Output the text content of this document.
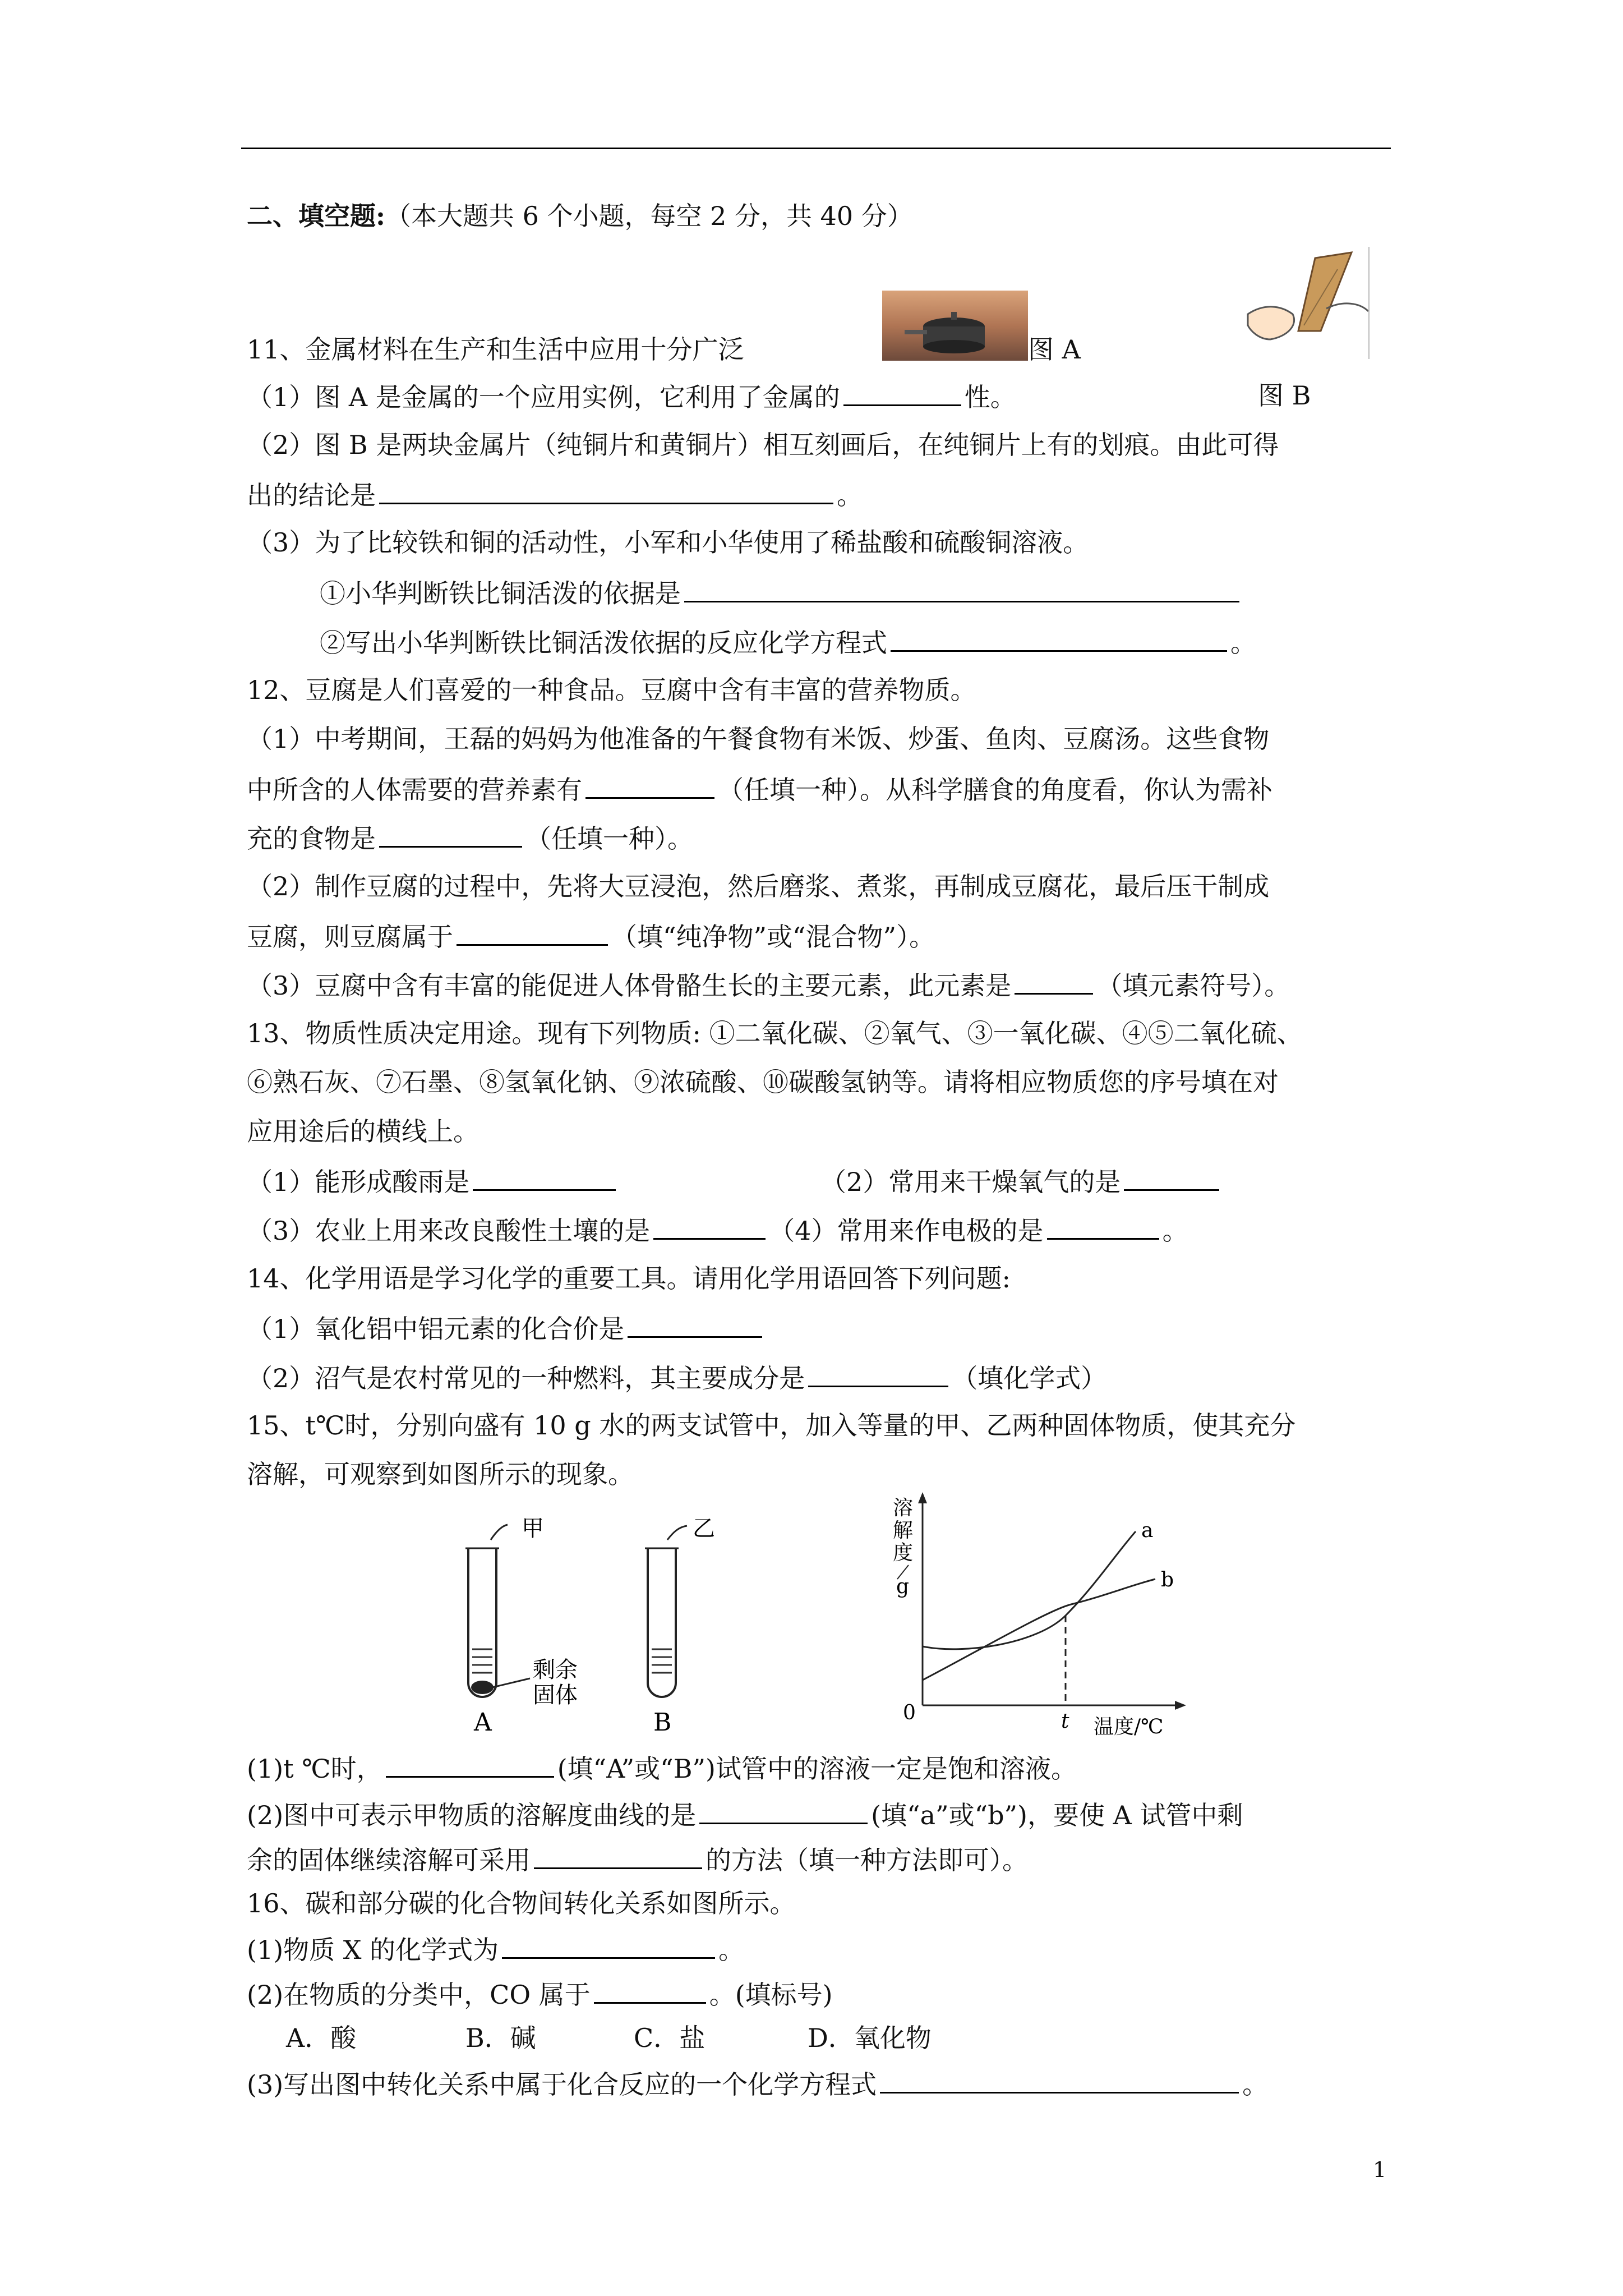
二、填空题:（本大题共 6 个小题，每空 2 分，共 40 分）
11、金属材料在生产和生活中应用十分广泛	图 A
（1）图 A 是金属的一个应用实例，它利用了金属的	性。	图 B
（2）图 B 是两块金属片（纯铜片和黄铜片）相互刻画后，在纯铜片上有的划痕。由此可得
出的结论是	。
（3）为了比较铁和铜的活动性，小军和小华使用了稀盐酸和硫酸铜溶液。
①小华判断铁比铜活泼的依据是
②写出小华判断铁比铜活泼依据的反应化学方程式	。
12、豆腐是人们喜爱的一种食品。豆腐中含有丰富的营养物质。
（1）中考期间，王磊的妈妈为他准备的午餐食物有米饭、炒蛋、鱼肉、豆腐汤。这些食物
中所含的人体需要的营养素有	（任填一种）。从科学膳食的角度看，你认为需补
充的食物是	（任填一种）。
（2）制作豆腐的过程中，先将大豆浸泡，然后磨浆、煮浆，再制成豆腐花，最后压干制成
豆腐，则豆腐属于	（填“纯净物”或“混合物”）。
（3）豆腐中含有丰富的能促进人体骨骼生长的主要元素，此元素是	（填元素符号）。
13、物质性质决定用途。现有下列物质: ①二氧化碳、②氧气、③一氧化碳、④⑤二氧化硫、
⑥熟石灰、⑦石墨、⑧氢氧化钠、⑨浓硫酸、⑩碳酸氢钠等。请将相应物质您的序号填在对
应用途后的横线上。
（1）能形成酸雨是	（2）常用来干燥氧气的是
（3）农业上用来改良酸性土壤的是	（4）常用来作电极的是	。
14、化学用语是学习化学的重要工具。请用化学用语回答下列问题:
（1）氧化铝中铝元素的化合价是
（2）沼气是农村常见的一种燃料，其主要成分是	（填化学式）
15、t℃时，分别向盛有 10 g 水的两支试管中，加入等量的甲、乙两种固体物质，使其充分
溶解，可观察到如图所示的现象。
甲
剩余
固体
A
乙
B
溶
解
度
g
0
a
b
t 温度/℃
(1)t ℃时，	(填“A”或“B”)试管中的溶液一定是饱和溶液。
(2)图中可表示甲物质的溶解度曲线的是	(填“a”或“b”)，要使 A 试管中剩
余的固体继续溶解可采用	的方法（填一种方法即可）。
16、碳和部分碳的化合物间转化关系如图所示。
(1)物质 X 的化学式为	。
(2)在物质的分类中，CO 属于	。(填标号)
A．酸	B．碱	C．盐	D．氧化物
(3)写出图中转化关系中属于化合反应的一个化学方程式	。
1
